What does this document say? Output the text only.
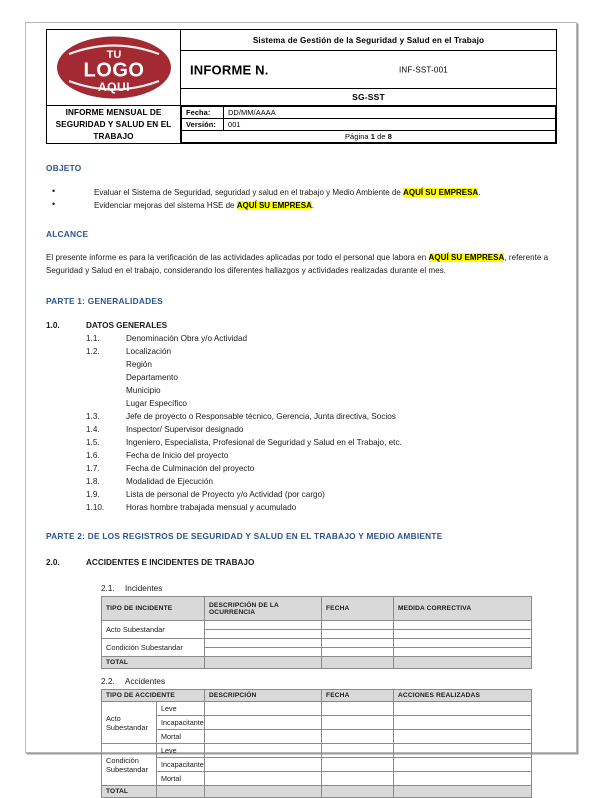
TU
LOGO
AQUI
	Sistema de Gestión de la Seguridad y Salud en el Trabajo

INFORME N.	INF-SST-001

SG-SST
INFORME MENSUAL DE SEGURIDAD Y SALUD EN EL TRABAJO	
Fecha:	DD/MM/AAAA
Versión:	001
Página 1 de 8
OBJETO
• Evaluar el Sistema de Seguridad, seguridad y salud en el trabajo y Medio Ambiente de AQUÍ SU EMPRESA.
• Evidenciar mejoras del sistema HSE de AQUÍ SU EMPRESA.
ALCANCE
El presente informe es para la verificación de las actividades aplicadas por todo el personal que labora en AQUÍ SU EMPRESA, referente a Seguridad y Salud en el trabajo, considerando los diferentes hallazgos y actividades realizadas durante el mes.
PARTE 1: GENERALIDADES
1.0.	DATOS GENERALES
1.1.	Denominación Obra y/o Actividad
1.2.	Localización
Región
Departamento
Municipio
Lugar Específico
1.3.	Jefe de proyecto o Responsable técnico, Gerencia, Junta directiva, Socios
1.4.	Inspector/ Supervisor designado
1.5.	Ingeniero, Especialista, Profesional de Seguridad y Salud en el Trabajo, etc.
1.6.	Fecha de Inicio del proyecto
1.7.	Fecha de Culminación del proyecto
1.8.	Modalidad de Ejecución
1.9.	Lista de personal de Proyecto y/o Actividad (por cargo)
1.10.	Horas hombre trabajada mensual y acumulado
PARTE 2: DE LOS REGISTROS DE SEGURIDAD Y SALUD EN EL TRABAJO Y MEDIO AMBIENTE
2.0.	ACCIDENTES E INCIDENTES DE TRABAJO
2.1. Incidentes
TIPO DE INCIDENTE	DESCRIPCIÓN DE LA OCURRENCIA	FECHA	MEDIDA CORRECTIVA
Acto Subestandar			

Condición Subestandar			

TOTAL			
2.2. Accidentes
TIPO DE ACCIDENTE		DESCRIPCIÓN	FECHA	ACCIONES REALIZADAS
Acto Subestandar	Leve			
	Incapacitante			
	Mortal			
Condición Subestandar	Leve			
	Incapacitante			
	Mortal			
TOTAL				
